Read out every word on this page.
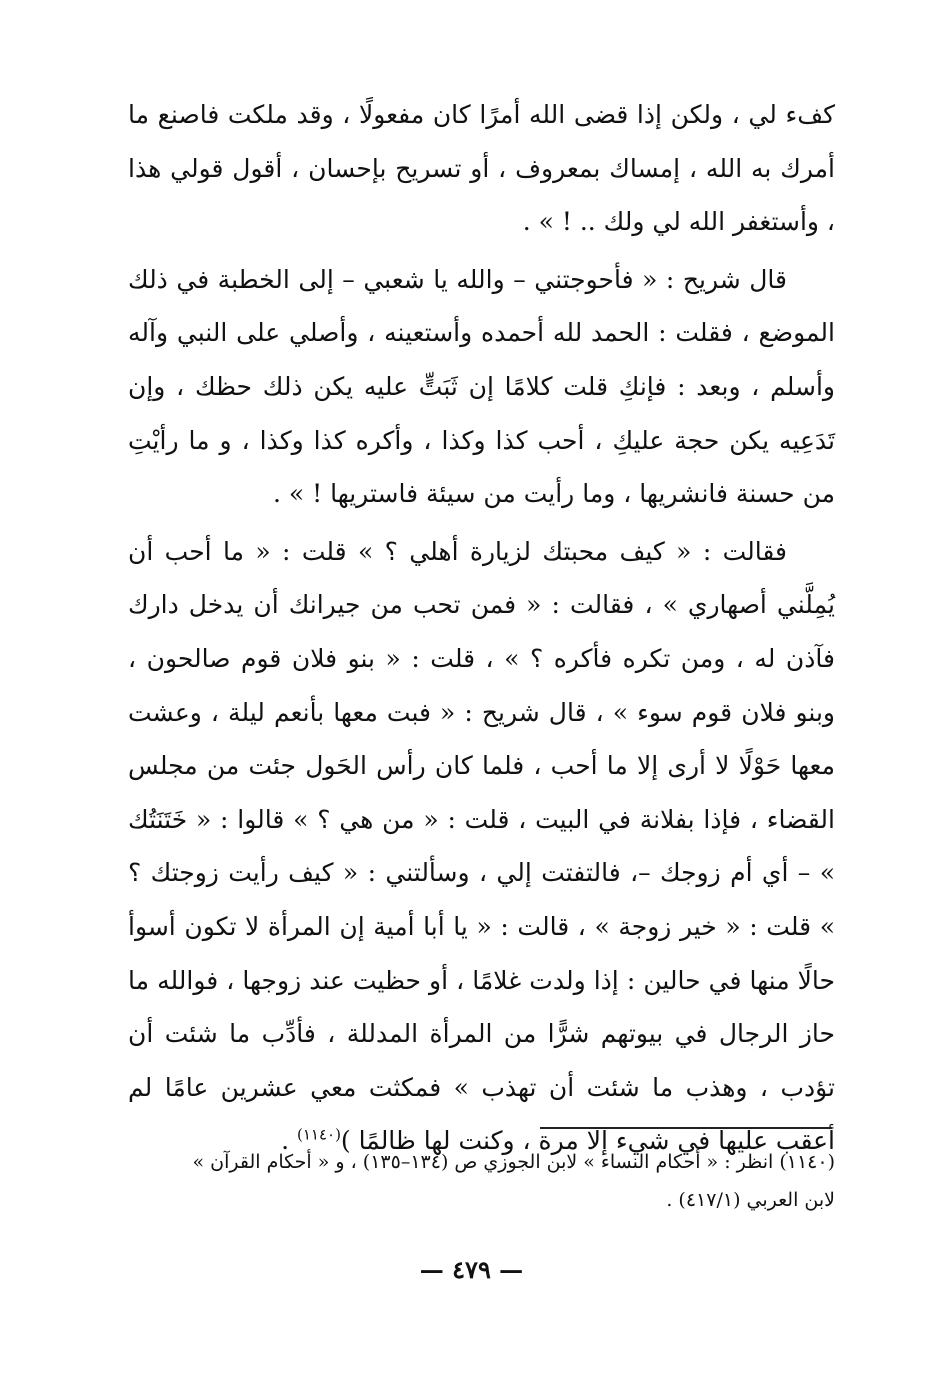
كفء لي ، ولكن إذا قضى الله أمرًا كان مفعولًا ، وقد ملكت فاصنع ما أمرك به الله ، إمساك بمعروف ، أو تسريح بإحسان ، أقول قولي هذا ، وأستغفر الله لي ولك .. ! » .

قال شريح : « فأحوجتني – والله يا شعبي – إلى الخطبة في ذلك الموضع ، فقلت : الحمد لله أحمده وأستعينه ، وأصلي على النبي وآله وأسلم ، وبعد : فإنكِ قلت كلامًا إن ثَبَتٍّ عليه يكن ذلك حظك ، وإن تَدَعِيه يكن حجة عليكِ ، أحب كذا وكذا ، وأكره كذا وكذا ، و ما رأيْتِ من حسنة فانشريها ، وما رأيت من سيئة فاستريها ! » .

فقالت : « كيف محبتك لزيارة أهلي ؟ » قلت : « ما أحب أن يُمِلَّني أصهاري » ، فقالت : « فمن تحب من جيرانك أن يدخل دارك فآذن له ، ومن تكره فأكره ؟ » ، قلت : « بنو فلان قوم صالحون ، وبنو فلان قوم سوء » ، قال شريح : « فبت معها بأنعم ليلة ، وعشت معها حَوْلًا لا أرى إلا ما أحب ، فلما كان رأس الحَول جئت من مجلس القضاء ، فإذا بفلانة في البيت ، قلت : « من هي ؟ » قالوا : « خَتَنَتُك » – أي أم زوجك –، فالتفتت إلي ، وسألتني : « كيف رأيت زوجتك ؟ » قلت : « خير زوجة » ، قالت : « يا أبا أمية إن المرأة لا تكون أسوأ حالًا منها في حالين : إذا ولدت غلامًا ، أو حظيت عند زوجها ، فوالله ما حاز الرجال في بيوتهم شرًّا من المرأة المدللة ، فأدِّب ما شئت أن تؤدب ، وهذب ما شئت أن تهذب » فمكثت معي عشرين عامًا لم أعقب عليها في شيء إلا مرة ، وكنت لها ظالمًا )$^{(١١٤٠)}$ .

(١١٤٠) انظر : « أحكام النساء » لابن الجوزي ص (١٣٤–١٣٥) ، و « أحكام القرآن »

لابن العربي (٤١٧/١) .

— ٤٧٩ —
